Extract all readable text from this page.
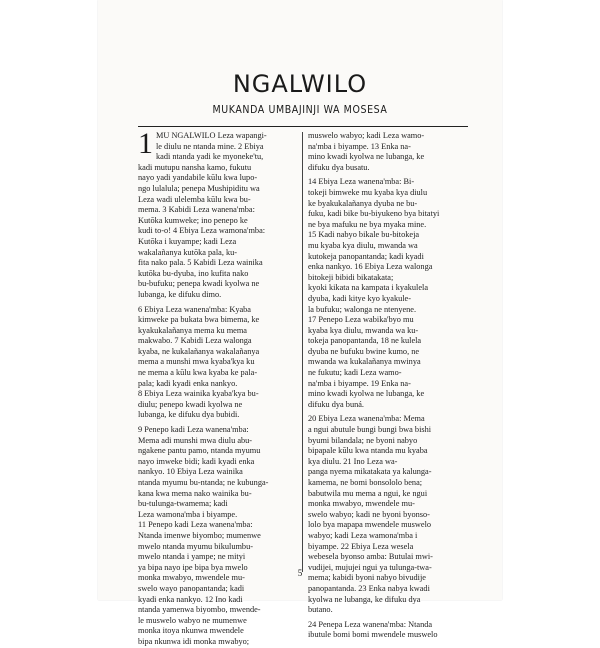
NGALWILO
MUKANDA UMBAJINJI WA MOSESA
1 MU NGALWILO Leza wapangi-
le diulu ne ntanda mine. 2 Ebiya
kadi ntanda yadi ke myoneke'tu,
kadi mutupu nansha kamo, fukutu
nayo yadi yandabile kūlu kwa lupo-
ngo lulalula; penepa Mushipiditu wa
Leza wadi ulelemba kūlu kwa bu-
mema. 3 Kabidi Leza wanena'mba:
Kutōka kumweke; ino penepo ke
kudi to-o! 4 Ebiya Leza wamona'mba:
Kutōka i kuyampe; kadi Leza
wakalañanya kutōka pala, ku-
fita nako pala. 5 Kabidi Leza wainika
kutōka bu-dyuba, ino kufita nako
bu-bufuku; penepa kwadi kyolwa ne
lubanga, ke difuku dimo.
6 Ebiya Leza wanena'mba: Kyaba
kimweke pa bukata bwa bimema, ke
kyakukalañanya mema ku mema
makwabo. 7 Kabidi Leza walonga
kyaba, ne kukalañanya wakalañanya
mema a munshi mwa kyaba'kya ku
ne mema a kūlu kwa kyaba ke pala-
pala; kadi kyadi enka nankyo.
8 Ebiya Leza wainika kyaba'kya bu-
diulu; penepo kwadi kyolwa ne
lubanga, ke difuku dya bubidi.
9 Penepo kadi Leza wanena'mba:
Mema adi munshi mwa diulu abu-
ngakene pantu pamo, ntanda myumu
nayo imweke bidi; kadi kyadi enka
nankyo. 10 Ebiya Leza wainika
ntanda myumu bu-ntanda; ne kubunga-
kana kwa mema nako wainika bu-
bu-tulunga-twamema; kadi
Leza wamona'mba i biyampe.
11 Penepo kadi Leza wanena'mba:
Ntanda imenwe biyombo; mumenwe
mwelo ntanda myumu bikulumbu-
mwelo ntanda i yampe; ne mityi
ya bipa nayo ipe bipa bya mwelo
monka mwabyo, mwendele mu-
swelo wayo panopantanda; kadi
kyadi enka nankyo. 12 Ino kadi
ntanda yamenwa biyombo, mwende-
le muswelo wabyo ne mumenwe
monka itoya nkunwa mwendele
bipa nkunwa idi monka mwabyo;
muswelo wabyo; kadi Leza wamo-
na'mba i biyampe. 13 Enka na-
mino kwadi kyolwa ne lubanga, ke
difuku dya busatu.
14 Ebiya Leza wanena'mba: Bi-
tokeji bimweke mu kyaba kya diulu
ke byakukalañanya dyuba ne bu-
fuku, kadi bike bu-biyukeno bya bitatyi
ne bya mafuku ne bya myaka mine.
15 Kadi nabyo bikale bu-bitokeja
mu kyaba kya diulu, mwanda wa
kutokeja panopantanda; kadi kyadi
enka nankyo. 16 Ebiya Leza walonga
bitokeji bibidi bikatakata;
kyoki kikata na kampata i kyakulela
dyuba, kadi kitye kyo kyakule-
la bufuku; walonga ne ntenyene.
17 Penepo Leza wabika'byo mu
kyaba kya diulu, mwanda wa ku-
tokeja panopantanda, 18 ne kulela
dyuba ne bufuku bwine kumo, ne
mwanda wa kukalañanya mwinya
ne fukutu; kadi Leza wamo-
na'mba i biyampe. 19 Enka na-
mino kwadi kyolwa ne lubanga, ke
difuku dya buná.
20 Ebiya Leza wanena'mba: Mema
a ngui abutule bungi bungi bwa bishi
byumi bilandala; ne byoni nabyo
bipapale kūlu kwa ntanda mu kyaba
kya diulu. 21 Ino Leza wa-
panga nyema mikatakata ya kalunga-
kamema, ne bomi bonsololo bena;
babutwila mu mema a ngui, ke ngui
monka mwabyo, mwendele mu-
swelo wabyo; kadi ne byoni byonso-
lolo bya mapapa mwendele muswelo
wabyo; kadi Leza wamona'mba i
biyampe. 22 Ebiya Leza wesela
webesela byonso amba: Butulai mwi-
vudijei, mujujei ngui ya tulunga-twa-
mema; kabidi byoni nabyo bivudije
panopantanda. 23 Enka nabya kwadi
kyolwa ne lubanga, ke difuku dya
butano.
24 Penepa Leza wanena'mba: Ntanda
ibutule bomi bomi mwendele muswelo
5
